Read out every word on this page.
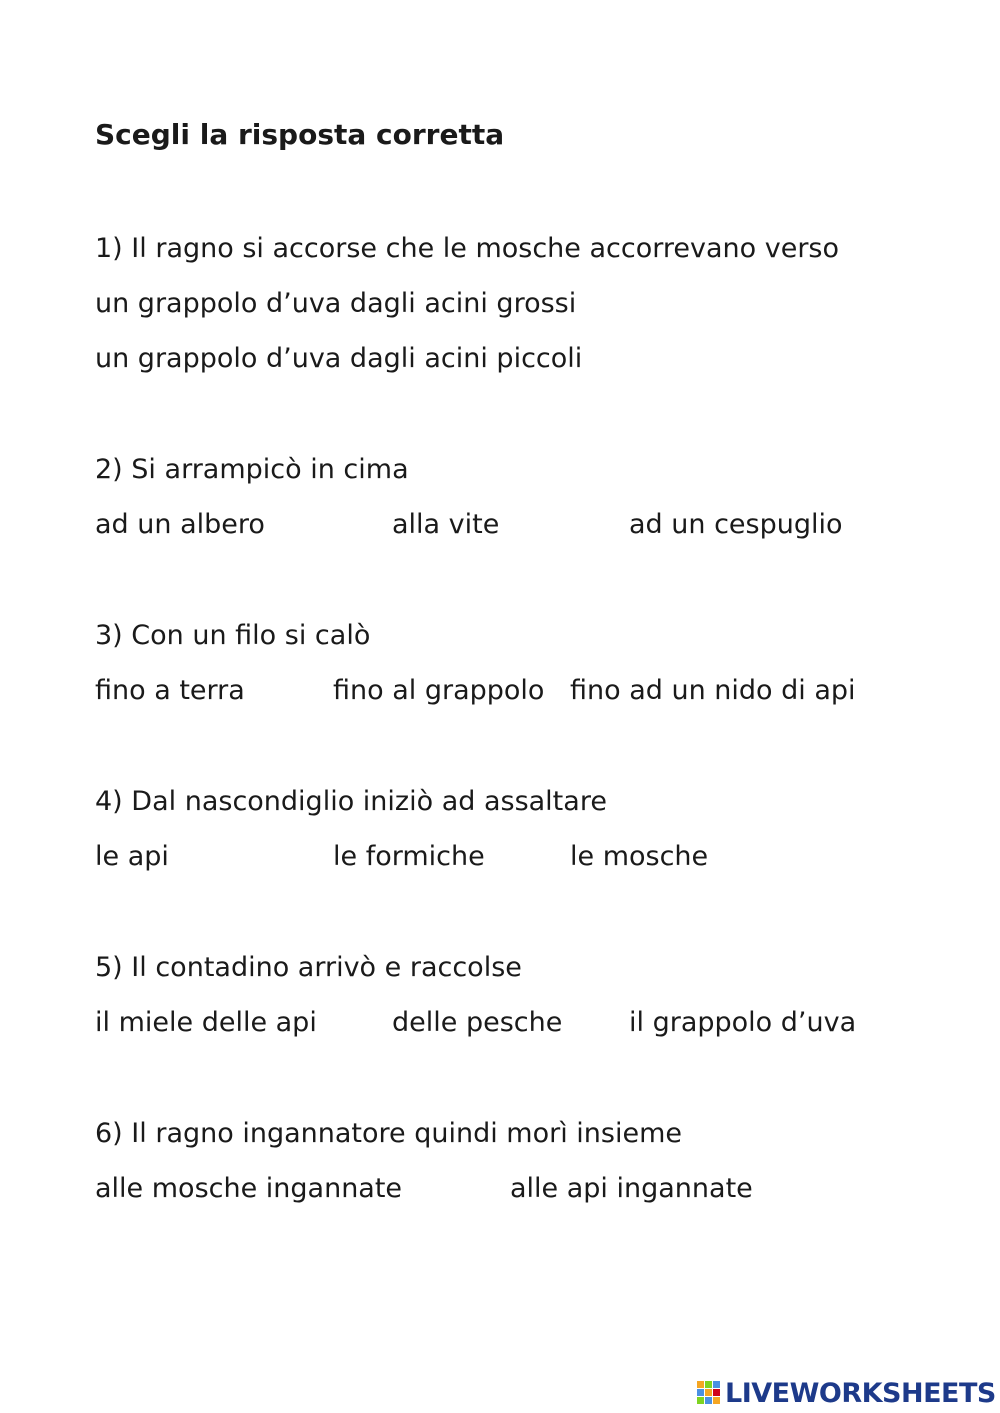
Scegli la risposta corretta
1) Il ragno si accorse che le mosche accorrevano verso
un grappolo d’uva dagli acini grossi
un grappolo d’uva dagli acini piccoli
2) Si arrampicò in cima
ad un albero	alla vite	ad un cespuglio
3) Con un filo si calò
fino a terra	fino al grappolo fino ad un nido di api
4) Dal nascondiglio iniziò ad assaltare
le api	le formiche	le mosche
5) Il contadino arrivò e raccolse
il miele delle api	delle pesche il grappolo d’uva
6) Il ragno ingannatore quindi morì insieme
alle mosche ingannate	alle api ingannate
LIVEWORKSHEETS
